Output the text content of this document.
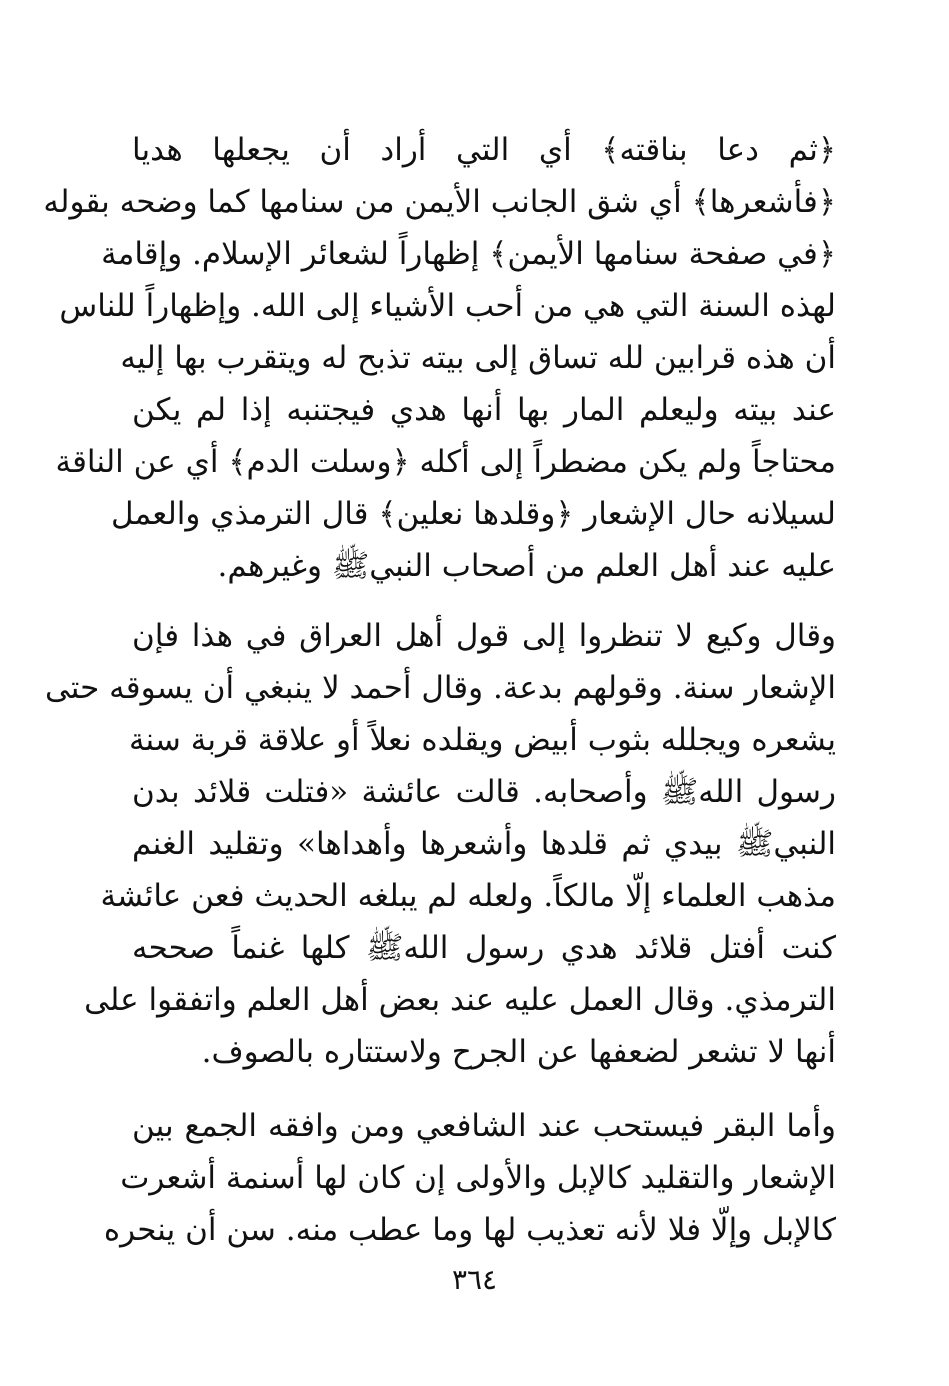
﴿ثم دعا بناقته﴾ أي التي أراد أن يجعلها هديا
﴿فأشعرها﴾ أي شق الجانب الأيمن من سنامها كما وضحه بقوله
﴿في صفحة سنامها الأيمن﴾ إظهاراً لشعائر الإسلام. وإقامة
لهذه السنة التي هي من أحب الأشياء إلى الله. وإظهاراً للناس
أن هذه قرابين لله تساق إلى بيته تذبح له ويتقرب بها إليه
عند بيته وليعلم المار بها أنها هدي فيجتنبه إذا لم يكن
محتاجاً ولم يكن مضطراً إلى أكله ﴿وسلت الدم﴾ أي عن الناقة
لسيلانه حال الإشعار ﴿وقلدها نعلين﴾ قال الترمذي والعمل
عليه عند أهل العلم من أصحاب النبيﷺ وغيرهم.
وقال وكيع لا تنظروا إلى قول أهل العراق في هذا فإن
الإشعار سنة. وقولهم بدعة. وقال أحمد لا ينبغي أن يسوقه حتى
يشعره ويجلله بثوب أبيض ويقلده نعلاً أو علاقة قربة سنة
رسول اللهﷺ وأصحابه. قالت عائشة «فتلت قلائد بدن
النبيﷺ بيدي ثم قلدها وأشعرها وأهداها» وتقليد الغنم
مذهب العلماء إلّا مالكاً. ولعله لم يبلغه الحديث فعن عائشة
كنت أفتل قلائد هدي رسول اللهﷺ كلها غنماً صححه
الترمذي. وقال العمل عليه عند بعض أهل العلم واتفقوا على
أنها لا تشعر لضعفها عن الجرح ولاستتاره بالصوف.
وأما البقر فيستحب عند الشافعي ومن وافقه الجمع بين
الإشعار والتقليد كالإبل والأولى إن كان لها أسنمة أشعرت
كالإبل وإلّا فلا لأنه تعذيب لها وما عطب منه. سن أن ينحره
٣٦٤
